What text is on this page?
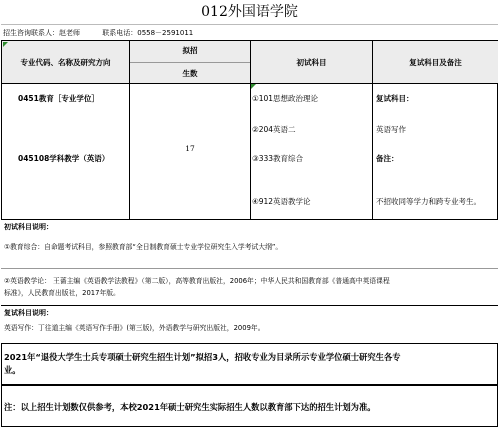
012外国语学院
招生咨询联系人：赵老师	联系电话：0558－2591011
专业代码、名称及研究方向
拟招
生数
初试科目	复试科目及备注
0451教育［专业学位］
045108学科教学（英语）
17
①101思想政治理论
②204英语二
③333教育综合
④912英语教学论
复试科目：
英语写作
备注：
不招收同等学力和跨专业考生。
初试科目说明：
①教育综合：自命题考试科目，参照教育部“全日制教育硕士专业学位研究生入学考试大纲”。
②英语教学论： 王蔷主编《英语教学法教程》（第二版），高等教育出版社，2006年；中华人民共和国教育部《普通高中英语课程
标准》，人民教育出版社，2017年版。
复试科目说明：
英语写作：丁往道主编《英语写作手册》(第三版)，外语教学与研究出版社，2009年。
2021年“退役大学生士兵专项硕士研究生招生计划”拟招3人，招收专业为目录所示专业学位硕士研究生各专
业。
注：以上招生计划数仅供参考，本校2021年硕士研究生实际招生人数以教育部下达的招生计划为准。
